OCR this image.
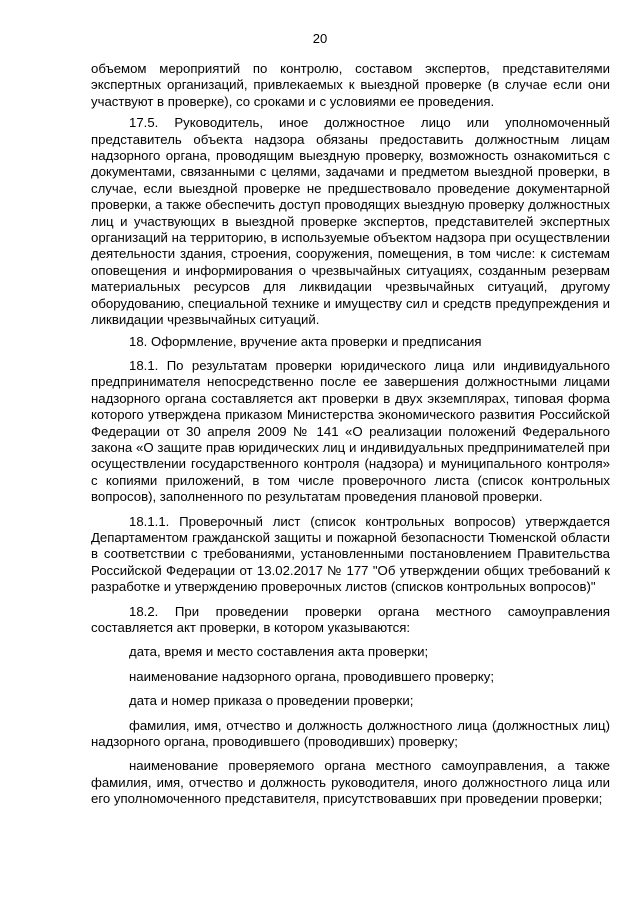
20

объемом мероприятий по контролю, составом экспертов, представителями экспертных организаций, привлекаемых к выездной проверке (в случае если они участвуют в проверке), со сроками и с условиями ее проведения.

17.5. Руководитель, иное должностное лицо или уполномоченный представитель объекта надзора обязаны предоставить должностным лицам надзорного органа, проводящим выездную проверку, возможность ознакомиться с документами, связанными с целями, задачами и предметом выездной проверки, в случае, если выездной проверке не предшествовало проведение документарной проверки, а также обеспечить доступ проводящих выездную проверку должностных лиц и участвующих в выездной проверке экспертов, представителей экспертных организаций на территорию, в используемые объектом надзора при осуществлении деятельности здания, строения, сооружения, помещения, в том числе: к системам оповещения и информирования о чрезвычайных ситуациях, созданным резервам материальных ресурсов для ликвидации чрезвычайных ситуаций, другому оборудованию, специальной технике и имуществу сил и средств предупреждения и ликвидации чрезвычайных ситуаций.

18. Оформление, вручение акта проверки и предписания

18.1. По результатам проверки юридического лица или индивидуального предпринимателя непосредственно после ее завершения должностными лицами надзорного органа составляется акт проверки в двух экземплярах, типовая форма которого утверждена приказом Министерства экономического развития Российской Федерации от 30 апреля 2009 № 141 «О реализации положений Федерального закона «О защите прав юридических лиц и индивидуальных предпринимателей при осуществлении государственного контроля (надзора) и муниципального контроля» с копиями приложений, в том числе проверочного листа (список контрольных вопросов), заполненного по результатам проведения плановой проверки.

18.1.1. Проверочный лист (список контрольных вопросов) утверждается Департаментом гражданской защиты и пожарной безопасности Тюменской области в соответствии с требованиями, установленными постановлением Правительства Российской Федерации от 13.02.2017 № 177 "Об утверждении общих требований к разработке и утверждению проверочных листов (списков контрольных вопросов)"

18.2. При проведении проверки органа местного самоуправления составляется акт проверки, в котором указываются:

дата, время и место составления акта проверки;

наименование надзорного органа, проводившего проверку;

дата и номер приказа о проведении проверки;

фамилия, имя, отчество и должность должностного лица (должностных лиц) надзорного органа, проводившего (проводивших) проверку;

наименование проверяемого органа местного самоуправления, а также фамилия, имя, отчество и должность руководителя, иного должностного лица или его уполномоченного представителя, присутствовавших при проведении проверки;
